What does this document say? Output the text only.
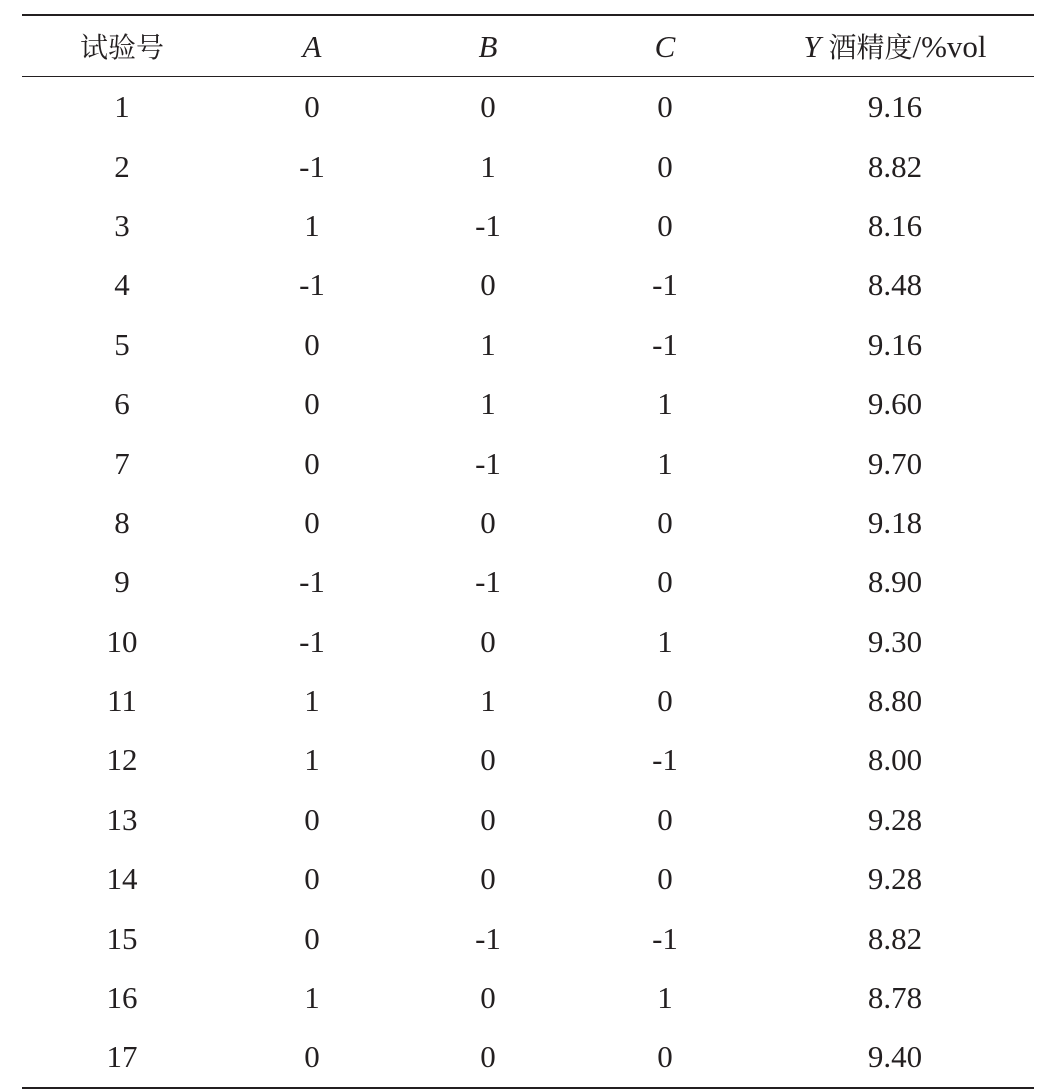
试验号	A	B	C	Y 酒精度/%vol
1	0	0	0	9.16
2	-1	1	0	8.82
3	1	-1	0	8.16
4	-1	0	-1	8.48
5	0	1	-1	9.16
6	0	1	1	9.60
7	0	-1	1	9.70
8	0	0	0	9.18
9	-1	-1	0	8.90
10	-1	0	1	9.30
11	1	1	0	8.80
12	1	0	-1	8.00
13	0	0	0	9.28
14	0	0	0	9.28
15	0	-1	-1	8.82
16	1	0	1	8.78
17	0	0	0	9.40
